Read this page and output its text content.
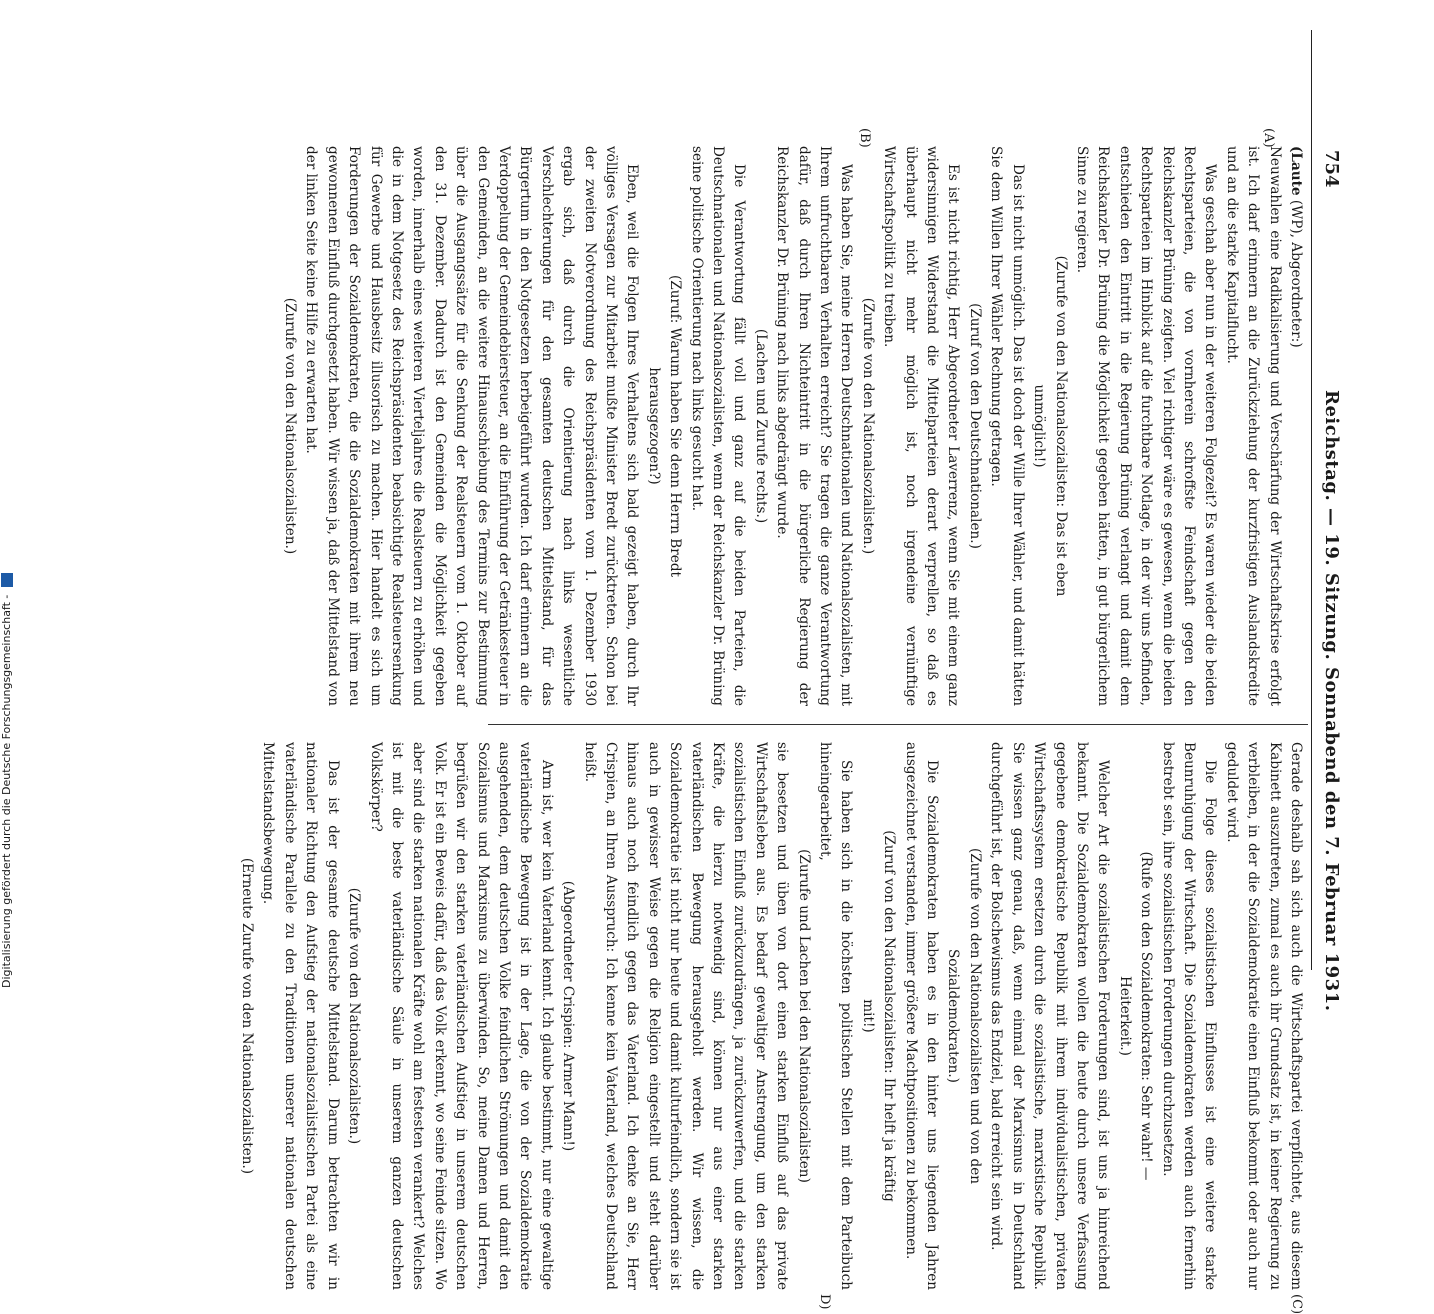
754
Reichstag. — 19. Sitzung. Sonnabend den 7. Februar 1931.
(A)
(B)
(C)
D)

(Laute (WP), Abgeordneter:)

Neuwahlen eine Radikalisierung und Verschärfung der Wirtschaftskrise erfolgt ist. Ich darf erinnern an die Zurückziehung der kurzfristigen Auslandskredite und an die starke Kapitalflucht.

Was geschah aber nun in der weiteren Folgezeit? Es waren wieder die beiden Rechtsparteien, die von vornherein schroffste Feindschaft gegen den Reichskanzler Brüning zeigten. Viel richtiger wäre es gewesen, wenn die beiden Rechtsparteien im Hinblick auf die furchtbare Notlage, in der wir uns befinden, entschieden den Eintritt in die Regierung Brüning verlangt und damit dem Reichskanzler Dr. Brüning die Möglichkeit gegeben hätten, in gut bürgerlichem Sinne zu regieren.

(Zurufe von den Nationalsozialisten: Das ist eben unmöglich!)

Das ist nicht unmöglich. Das ist doch der Wille Ihrer Wähler, und damit hätten Sie dem Willen Ihrer Wähler Rechnung getragen.

(Zuruf von den Deutschnationalen.)

Es ist nicht richtig, Herr Abgeordneter Laverrenz, wenn Sie mit einem ganz widersinnigen Widerstand die Mittelparteien derart verprellen, so daß es überhaupt nicht mehr möglich ist, noch irgendeine vernünftige Wirtschaftspolitik zu treiben.

(Zurufe von den Nationalsozialisten.)

Was haben Sie, meine Herren Deutschnationalen und Nationalsozialisten, mit Ihrem unfruchtbaren Verhalten erreicht? Sie tragen die ganze Verantwortung dafür, daß durch Ihren Nichteintritt in die bürgerliche Regierung der Reichskanzler Dr. Brüning nach links abgedrängt wurde.

(Lachen und Zurufe rechts.)

Die Verantwortung fällt voll und ganz auf die beiden Parteien, die Deutschnationalen und Nationalsozialisten, wenn der Reichskanzler Dr. Brüning seine politische Orientierung nach links gesucht hat.

(Zuruf: Warum haben Sie denn Herrn Bredt herausgezogen?)

Eben, weil die Folgen Ihres Verhaltens sich bald gezeigt haben, durch Ihr völliges Versagen zur Mitarbeit mußte Minister Bredt zurücktreten. Schon bei der zweiten Notverordnung des Reichspräsidenten vom 1. Dezember 1930 ergab sich, daß durch die Orientierung nach links wesentliche Verschlechterungen für den gesamten deutschen Mittelstand, für das Bürgertum in den Notgesetzen herbeigeführt wurden. Ich darf erinnern an die Verdoppelung der Gemeindebiersteuer, an die Einführung der Getränkesteuer in den Gemeinden, an die weitere Hinausschiebung des Termins zur Bestimmung über die Ausgangssätze für die Senkung der Realsteuern vom 1. Oktober auf den 31. Dezember. Dadurch ist den Gemeinden die Möglichkeit gegeben worden, innerhalb eines weiteren Vierteljahres die Realsteuern zu erhöhen und die in dem Notgesetz des Reichspräsidenten beabsichtigte Realsteuersenkung für Gewerbe und Hausbesitz illusorisch zu machen. Hier handelt es sich um Forderungen der Sozialdemokraten, die die Sozialdemokraten mit ihrem neu gewonnenen Einfluß durchgesetzt haben. Wir wissen ja, daß der Mittelstand von der linken Seite keine Hilfe zu erwarten hat.

(Zurufe von den Nationalsozialisten.)

Gerade deshalb sah sich auch die Wirtschaftspartei verpflichtet, aus diesem Kabinett auszutreten, zumal es auch ihr Grundsatz ist, in keiner Regierung zu verbleiben, in der die Sozialdemokratie einen Einfluß bekommt oder auch nur geduldet wird.

Die Folge dieses sozialistischen Einflusses ist eine weitere starke Beunruhigung der Wirtschaft. Die Sozialdemokraten werden auch fernerhin bestrebt sein, ihre sozialistischen Forderungen durchzusetzen.

(Rufe von den Sozialdemokraten: Sehr wahr! — Heiterkeit.)

Welcher Art die sozialistischen Forderungen sind, ist uns ja hinreichend bekannt. Die Sozialdemokraten wollen die heute durch unsere Verfassung gegebene demokratische Republik mit ihrem individualistischen, privaten Wirtschaftssystem ersetzen durch die sozialistische, marxistische Republik. Sie wissen ganz genau, daß, wenn einmal der Marxismus in Deutschland durchgeführt ist, der Bolschewismus das Endziel, bald erreicht sein wird.

(Zurufe von den Nationalsozialisten und von den Sozialdemokraten.)

Die Sozialdemokraten haben es in den hinter uns liegenden Jahren ausgezeichnet verstanden, immer größere Machtpositionen zu bekommen.

(Zuruf von den Nationalsozialisten: Ihr helft ja kräftig mit!)

Sie haben sich in die höchsten politischen Stellen mit dem Parteibuch hineingearbeitet,

(Zurufe und Lachen bei den Nationalsozialisten)

sie besetzen und üben von dort einen starken Einfluß auf das private Wirtschaftsleben aus. Es bedarf gewaltiger Anstrengung, um den starken sozialistischen Einfluß zurückzudrängen, ja zurückzuwerfen, und die starken Kräfte, die hierzu notwendig sind, können nur aus einer starken vaterländischen Bewegung herausgeholt werden. Wir wissen, die Sozialdemokratie ist nicht nur heute und damit kulturfeindlich, sondern sie ist auch in gewisser Weise gegen die Religion eingestellt und steht darüber hinaus auch noch feindlich gegen das Vaterland. Ich denke an Sie, Herr Crispien, an Ihren Ausspruch: Ich kenne kein Vaterland, welches Deutschland heißt.

(Abgeordneter Crispien: Armer Mann!)

Arm ist, wer kein Vaterland kennt. Ich glaube bestimmt, nur eine gewaltige vaterländische Bewegung ist in der Lage, die von der Sozialdemokratie ausgehenden, dem deutschen Volke feindlichen Strömungen und damit den Sozialismus und Marxismus zu überwinden. So, meine Damen und Herren, begrüßen wir den starken vaterländischen Aufstieg in unserem deutschen Volk. Er ist ein Beweis dafür, daß das Volk erkennt, wo seine Feinde sitzen. Wo aber sind die starken nationalen Kräfte wohl am festesten verankert? Welches ist mit die beste vaterländische Säule in unserem ganzen deutschen Volkskörper?

(Zurufe von den Nationalsozialisten.)

Das ist der gesamte deutsche Mittelstand. Darum betrachten wir in nationaler Richtung den Aufstieg der nationalsozialistischen Partei als eine vaterländische Parallele zu den Traditionen unserer nationalen deutschen Mittelstandsbewegung.

(Erneute Zurufe von den Nationalsozialisten.)

Digitalisierung gefördert durch die Deutsche Forschungsgemeinschaft -
